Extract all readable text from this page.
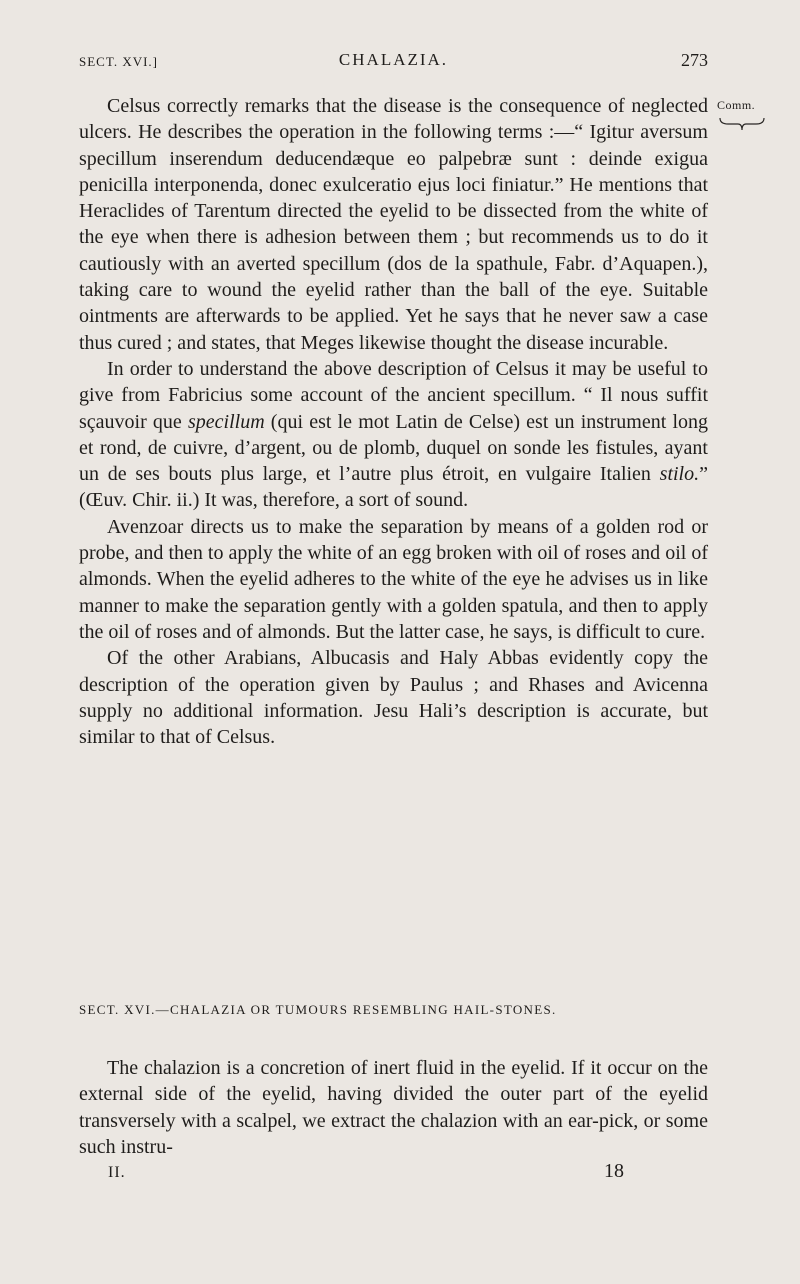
SECT. XVI.]	CHALAZIA.	273
Comm.

Celsus correctly remarks that the disease is the consequence of neglected ulcers. He describes the operation in the following terms :—“ Igitur aversum specillum inserendum deducendæque eo palpebræ sunt : deinde exigua penicilla interponenda, donec exulceratio ejus loci finiatur.” He mentions that Heraclides of Tarentum directed the eyelid to be dissected from the white of the eye when there is adhesion between them ; but recommends us to do it cautiously with an averted specillum (dos de la spathule, Fabr. d’Aquapen.), taking care to wound the eyelid rather than the ball of the eye. Suitable ointments are afterwards to be applied. Yet he says that he never saw a case thus cured ; and states, that Meges likewise thought the disease incurable.

In order to understand the above description of Celsus it may be useful to give from Fabricius some account of the ancient specillum. “ Il nous suffit sçauvoir que specillum (qui est le mot Latin de Celse) est un instrument long et rond, de cuivre, d’argent, ou de plomb, duquel on sonde les fistules, ayant un de ses bouts plus large, et l’autre plus étroit, en vulgaire Italien stilo.” (Œuv. Chir. ii.) It was, therefore, a sort of sound.

Avenzoar directs us to make the separation by means of a golden rod or probe, and then to apply the white of an egg broken with oil of roses and oil of almonds. When the eyelid adheres to the white of the eye he advises us in like manner to make the separation gently with a golden spatula, and then to apply the oil of roses and of almonds. But the latter case, he says, is difficult to cure.

Of the other Arabians, Albucasis and Haly Abbas evidently copy the description of the operation given by Paulus ; and Rhases and Avicenna supply no additional information. Jesu Hali’s description is accurate, but similar to that of Celsus.

SECT. XVI.—CHALAZIA OR TUMOURS RESEMBLING HAIL-STONES.

The chalazion is a concretion of inert fluid in the eyelid. If it occur on the external side of the eyelid, having divided the outer part of the eyelid transversely with a scalpel, we extract the chalazion with an ear-pick, or some such instru-

II.	18
